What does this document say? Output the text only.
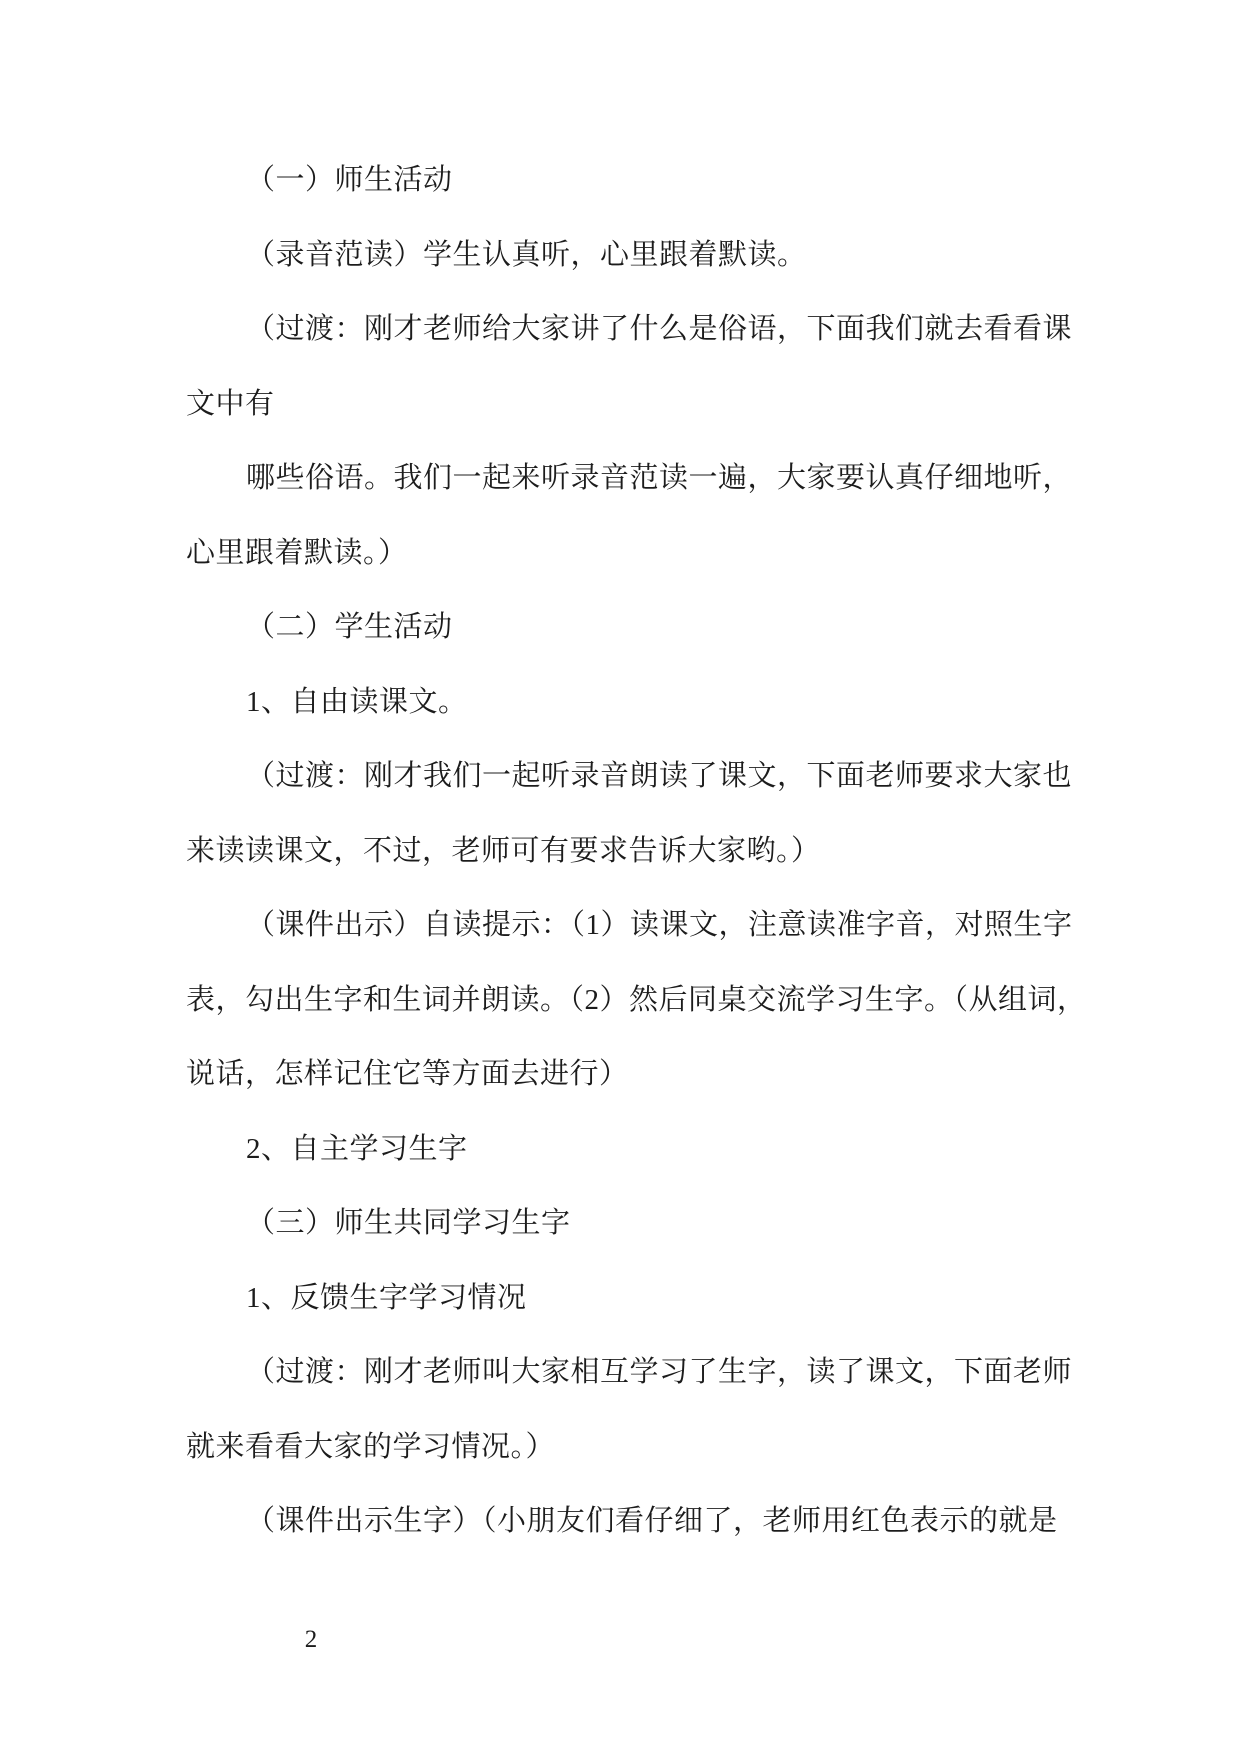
（一）师生活动
（录音范读）学生认真听，心里跟着默读。
（过渡：刚才老师给大家讲了什么是俗语，下面我们就去看看课
文中有
哪些俗语。我们一起来听录音范读一遍，大家要认真仔细地听，
心里跟着默读。）
（二）学生活动
1、自由读课文。
（过渡：刚才我们一起听录音朗读了课文，下面老师要求大家也
来读读课文，不过，老师可有要求告诉大家哟。）
（课件出示）自读提示：（1）读课文，注意读准字音，对照生字
表，勾出生字和生词并朗读。（2）然后同桌交流学习生字。（从组词，
说话，怎样记住它等方面去进行）
2、自主学习生字
（三）师生共同学习生字
1、反馈生字学习情况
（过渡：刚才老师叫大家相互学习了生字，读了课文，下面老师
就来看看大家的学习情况。）
（课件出示生字）（小朋友们看仔细了，老师用红色表示的就是
2
